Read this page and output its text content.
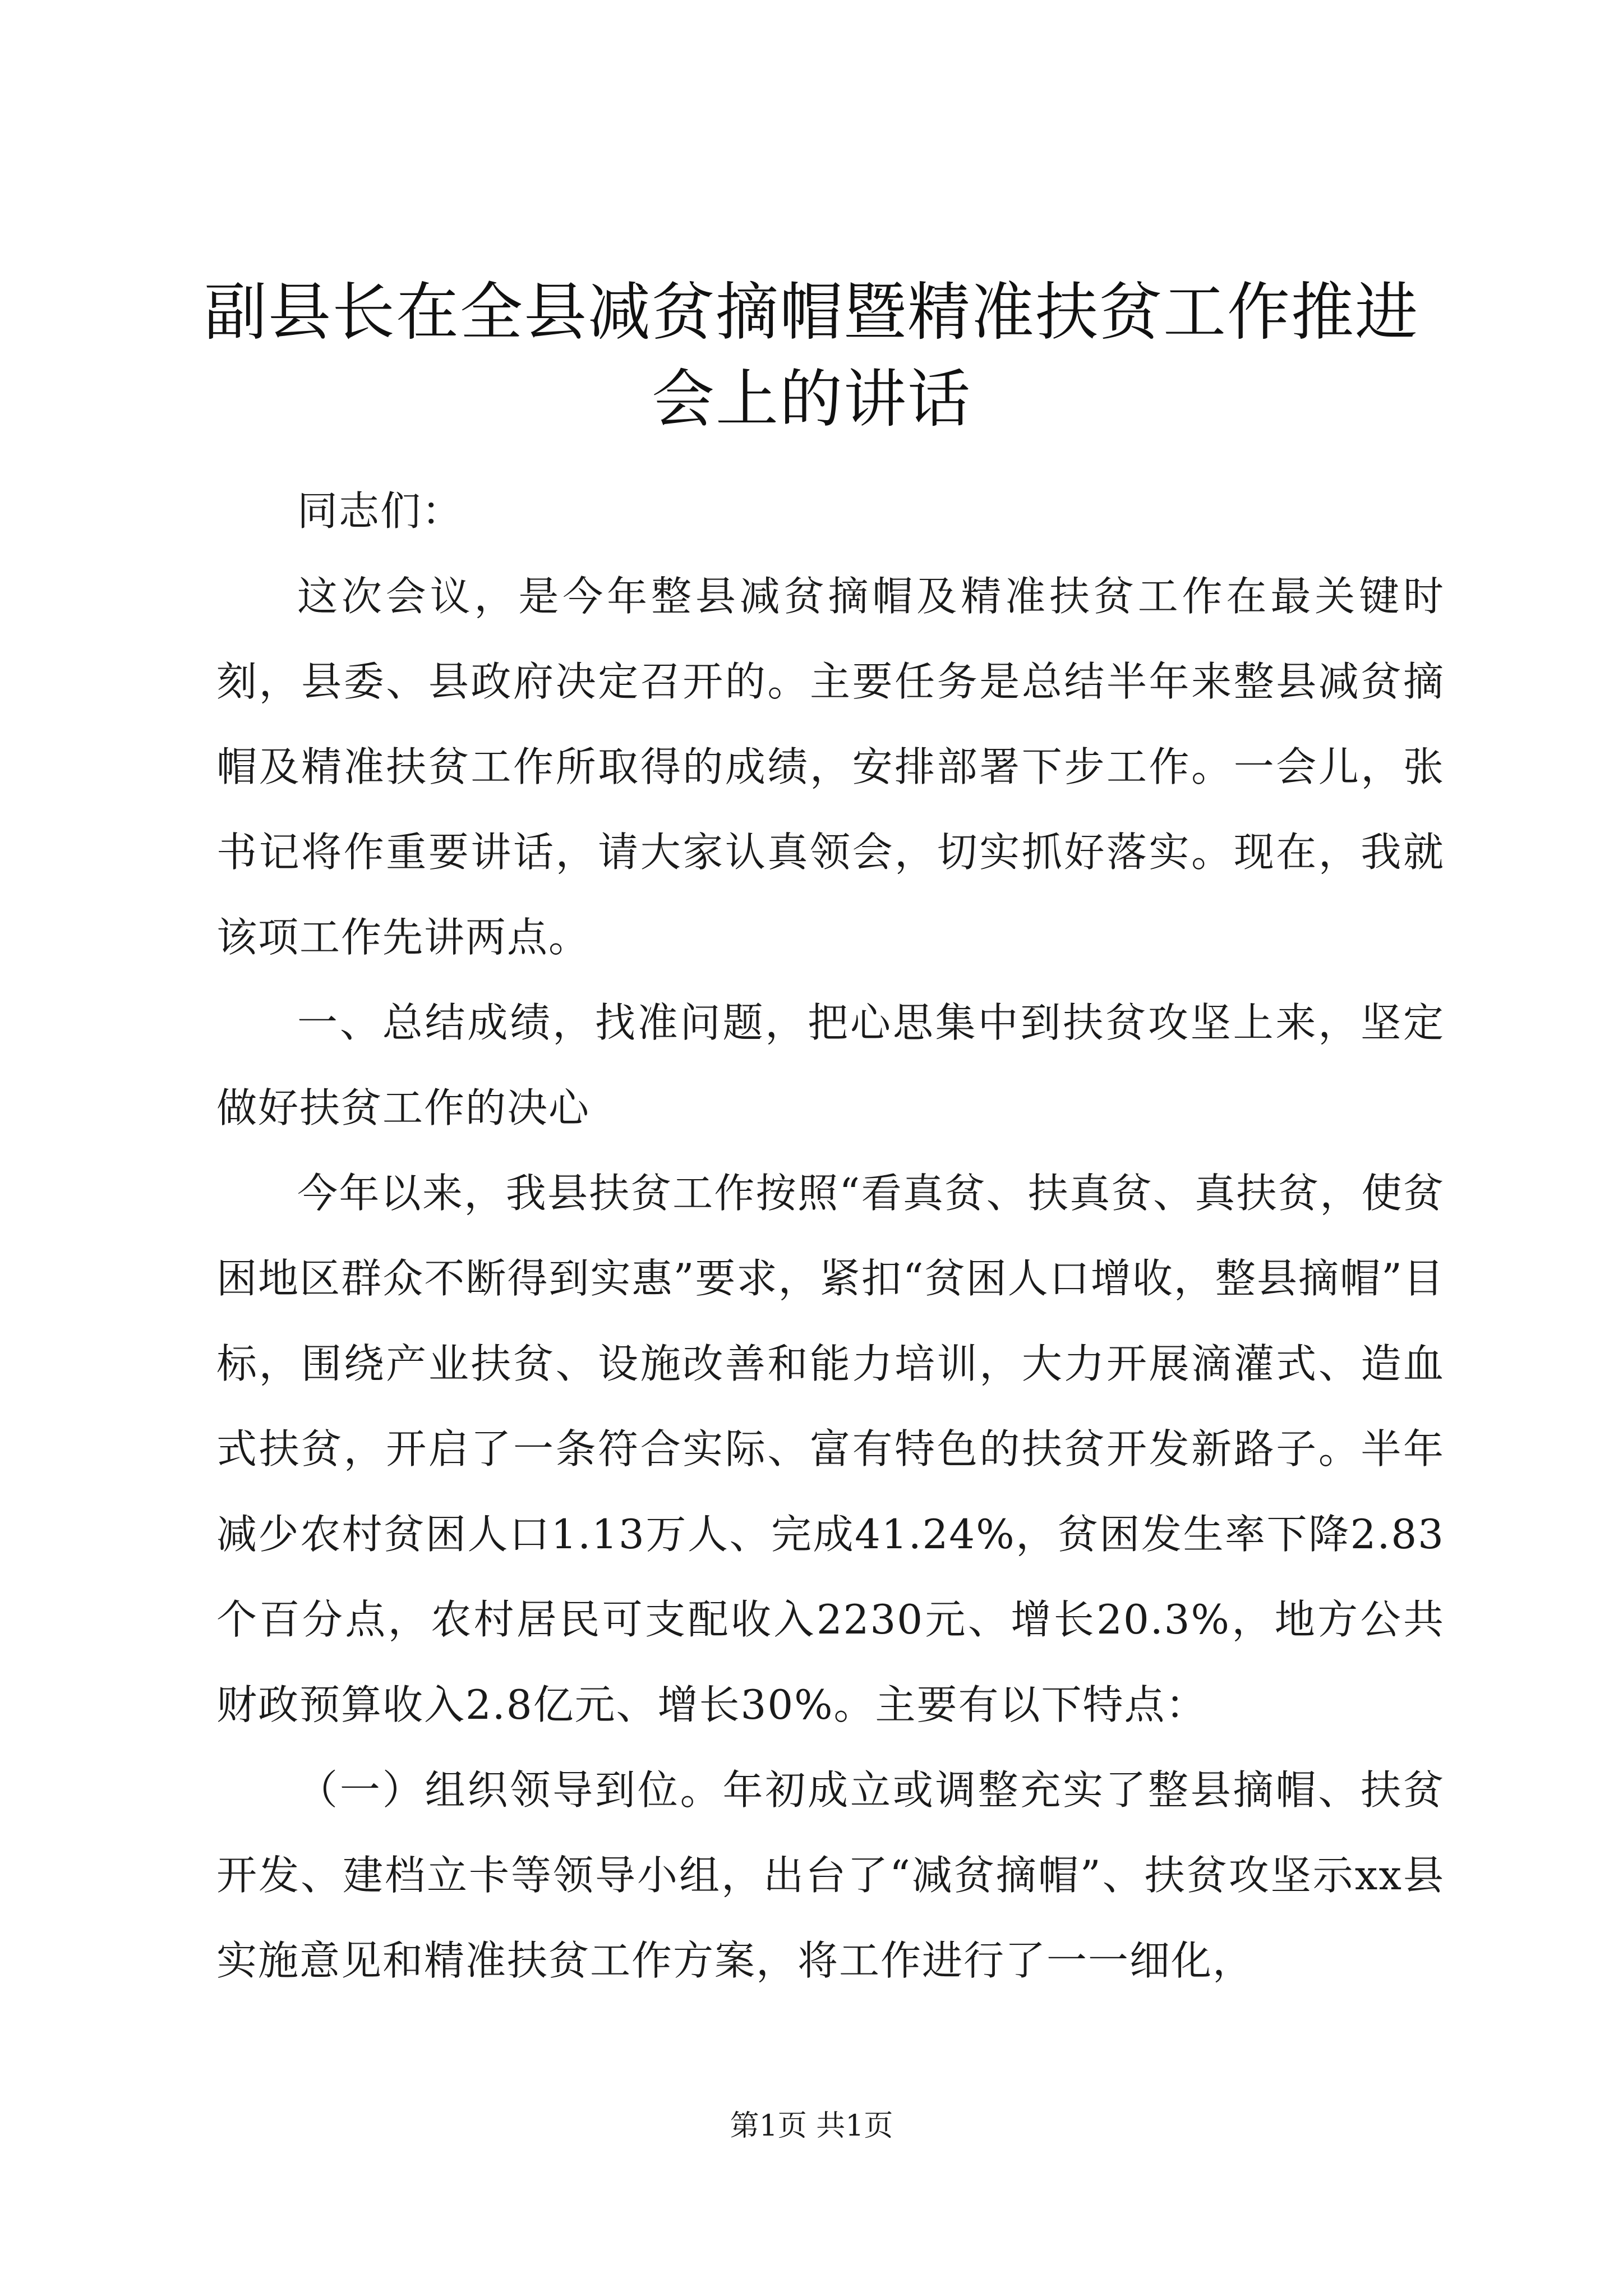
副县长在全县减贫摘帽暨精准扶贫工作推进会上的讲话

同志们：

这次会议，是今年整县减贫摘帽及精准扶贫工作在最关键时刻，县委、县政府决定召开的。主要任务是总结半年来整县减贫摘帽及精准扶贫工作所取得的成绩，安排部署下步工作。一会儿，张书记将作重要讲话，请大家认真领会，切实抓好落实。现在，我就该项工作先讲两点。

一、总结成绩，找准问题，把心思集中到扶贫攻坚上来，坚定做好扶贫工作的决心

今年以来，我县扶贫工作按照“看真贫、扶真贫、真扶贫，使贫困地区群众不断得到实惠”要求，紧扣“贫困人口增收，整县摘帽”目标，围绕产业扶贫、设施改善和能力培训，大力开展滴灌式、造血式扶贫，开启了一条符合实际、富有特色的扶贫开发新路子。半年减少农村贫困人口1.13万人、完成41.24%，贫困发生率下降2.83个百分点，农村居民可支配收入2230元、增长20.3%，地方公共财政预算收入2.8亿元、增长30%。主要有以下特点：

（一）组织领导到位。年初成立或调整充实了整县摘帽、扶贫开发、建档立卡等领导小组，出台了“减贫摘帽”、扶贫攻坚示xx县实施意见和精准扶贫工作方案，将工作进行了一一细化，

第1页 共1页
